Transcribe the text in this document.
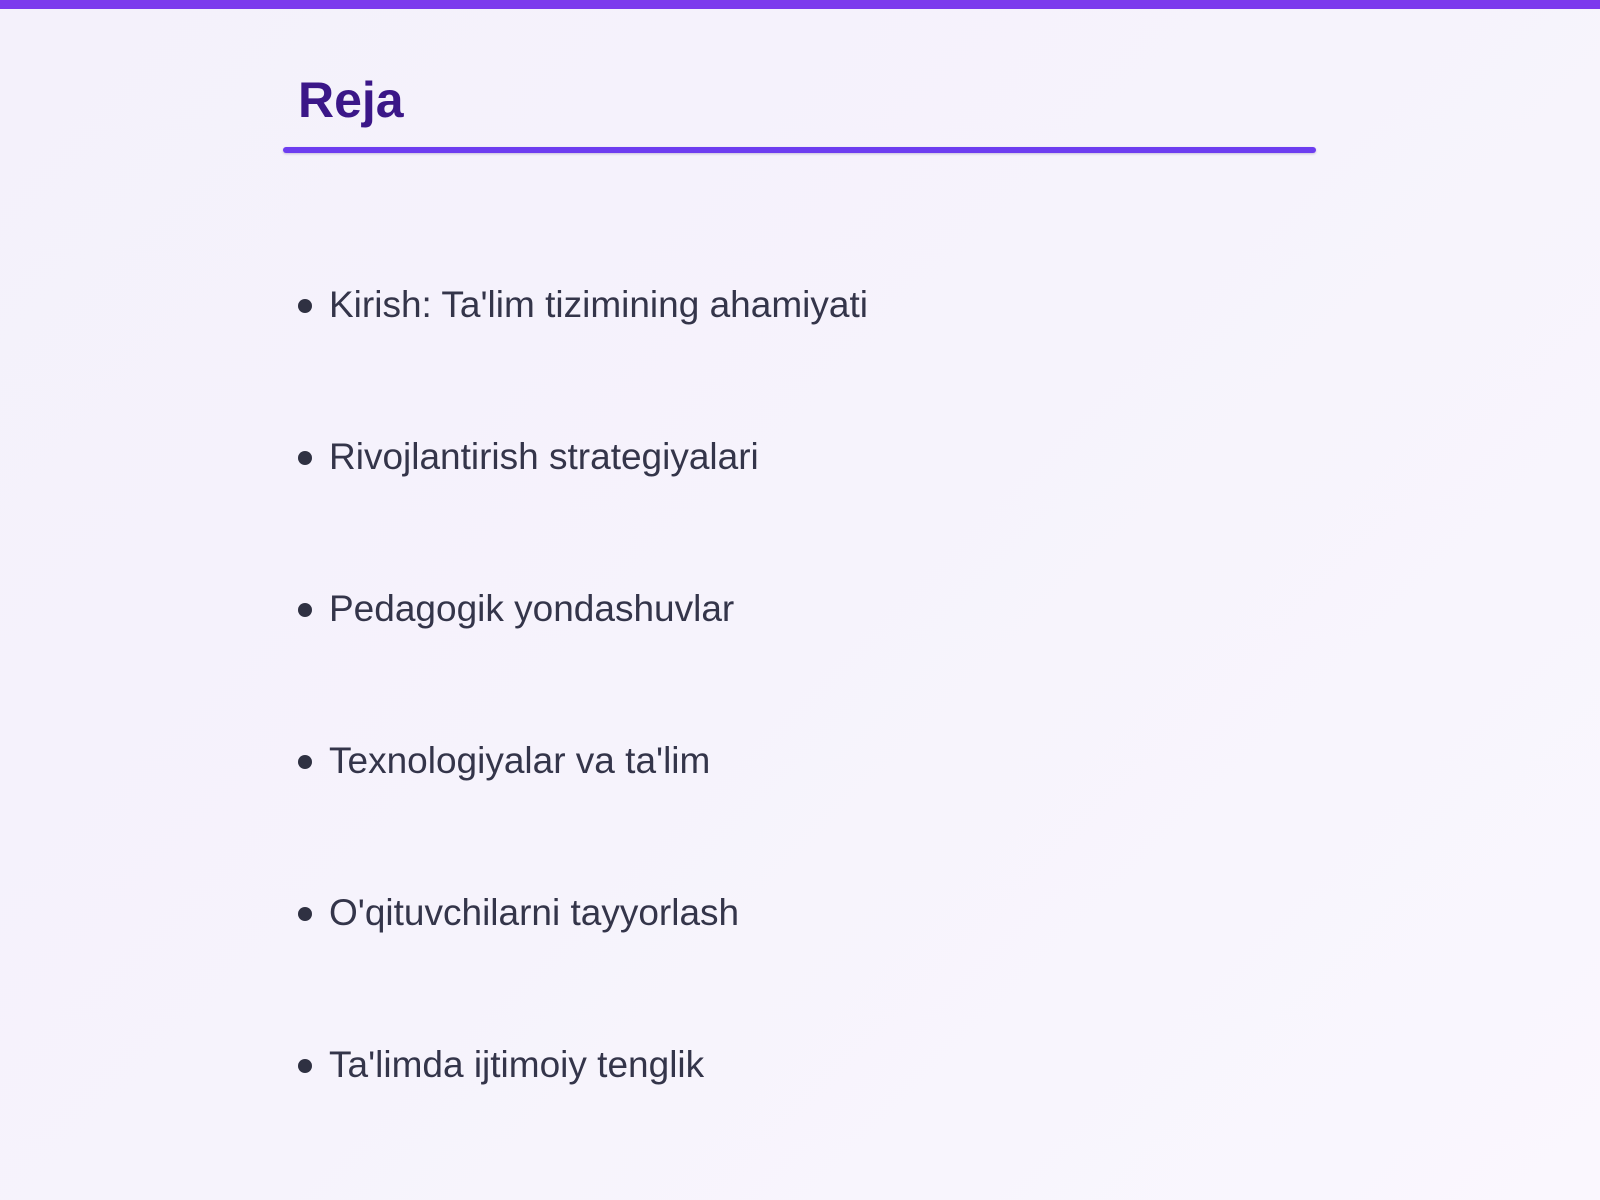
Reja
Kirish: Ta'lim tizimining ahamiyati
Rivojlantirish strategiyalari
Pedagogik yondashuvlar
Texnologiyalar va ta'lim
O'qituvchilarni tayyorlash
Ta'limda ijtimoiy tenglik
